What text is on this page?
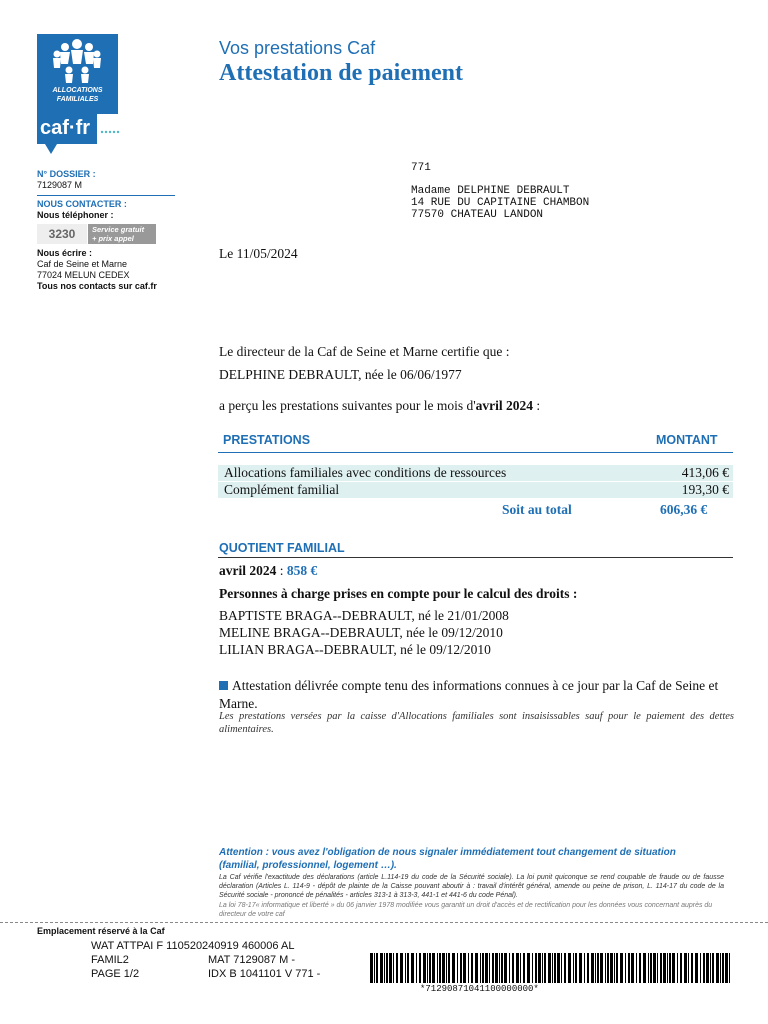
ALLOCATIONS
FAMILIALES
caf·fr
Vos prestations Caf
Attestation de paiement
N° DOSSIER :
7129087 M
NOUS CONTACTER :
Nous téléphoner :
3230	Service gratuit
+ prix appel
Nous écrire :
Caf de Seine et Marne
77024 MELUN CEDEX
Tous nos contacts sur caf.fr
771
Madame DELPHINE DEBRAULT
14 RUE DU CAPITAINE CHAMBON
77570 CHATEAU LANDON
Le 11/05/2024
Le directeur de la Caf de Seine et Marne certifie que :
DELPHINE DEBRAULT, née le 06/06/1977
a perçu les prestations suivantes pour le mois d'avril 2024 :
PRESTATIONS	MONTANT
Allocations familiales avec conditions de ressources	413,06 €
Complément familial	193,30 €
Soit au total	606,36 €
QUOTIENT FAMILIAL
avril 2024 : 858 €
Personnes à charge prises en compte pour le calcul des droits :
BAPTISTE BRAGA--DEBRAULT, né le 21/01/2008
MELINE BRAGA--DEBRAULT, née le 09/12/2010
LILIAN BRAGA--DEBRAULT, né le 09/12/2010
Attestation délivrée compte tenu des informations connues à ce jour par la Caf de Seine et Marne.
Les prestations versées par la caisse d'Allocations familiales sont insaisissables sauf pour le paiement des dettes alimentaires.
Attention : vous avez l'obligation de nous signaler immédiatement tout changement de situation
(familial, professionnel, logement …).
La Caf vérifie l'exactitude des déclarations (article L.114-19 du code de la Sécurité sociale). La loi punit quiconque se rend coupable de fraude ou de fausse déclaration (Articles L. 114-9 - dépôt de plainte de la Caisse pouvant aboutir à : travail d'intérêt général, amende ou peine de prison, L. 114-17 du code de la Sécurité sociale - prononcé de pénalités - articles 313-1 à 313-3, 441-1 et 441-6 du code Pénal).
La loi 78-17« informatique et liberté » du 06 janvier 1978 modifiée vous garantit un droit d'accès et de rectification pour les données vous concernant auprès du directeur de votre caf
Emplacement réservé à la Caf
WAT ATTPAI F 110520240919 460006 AL
FAMIL2	MAT 7129087 M -
PAGE 1/2	IDX B 1041101 V 771 -
*71290871041100000000*
